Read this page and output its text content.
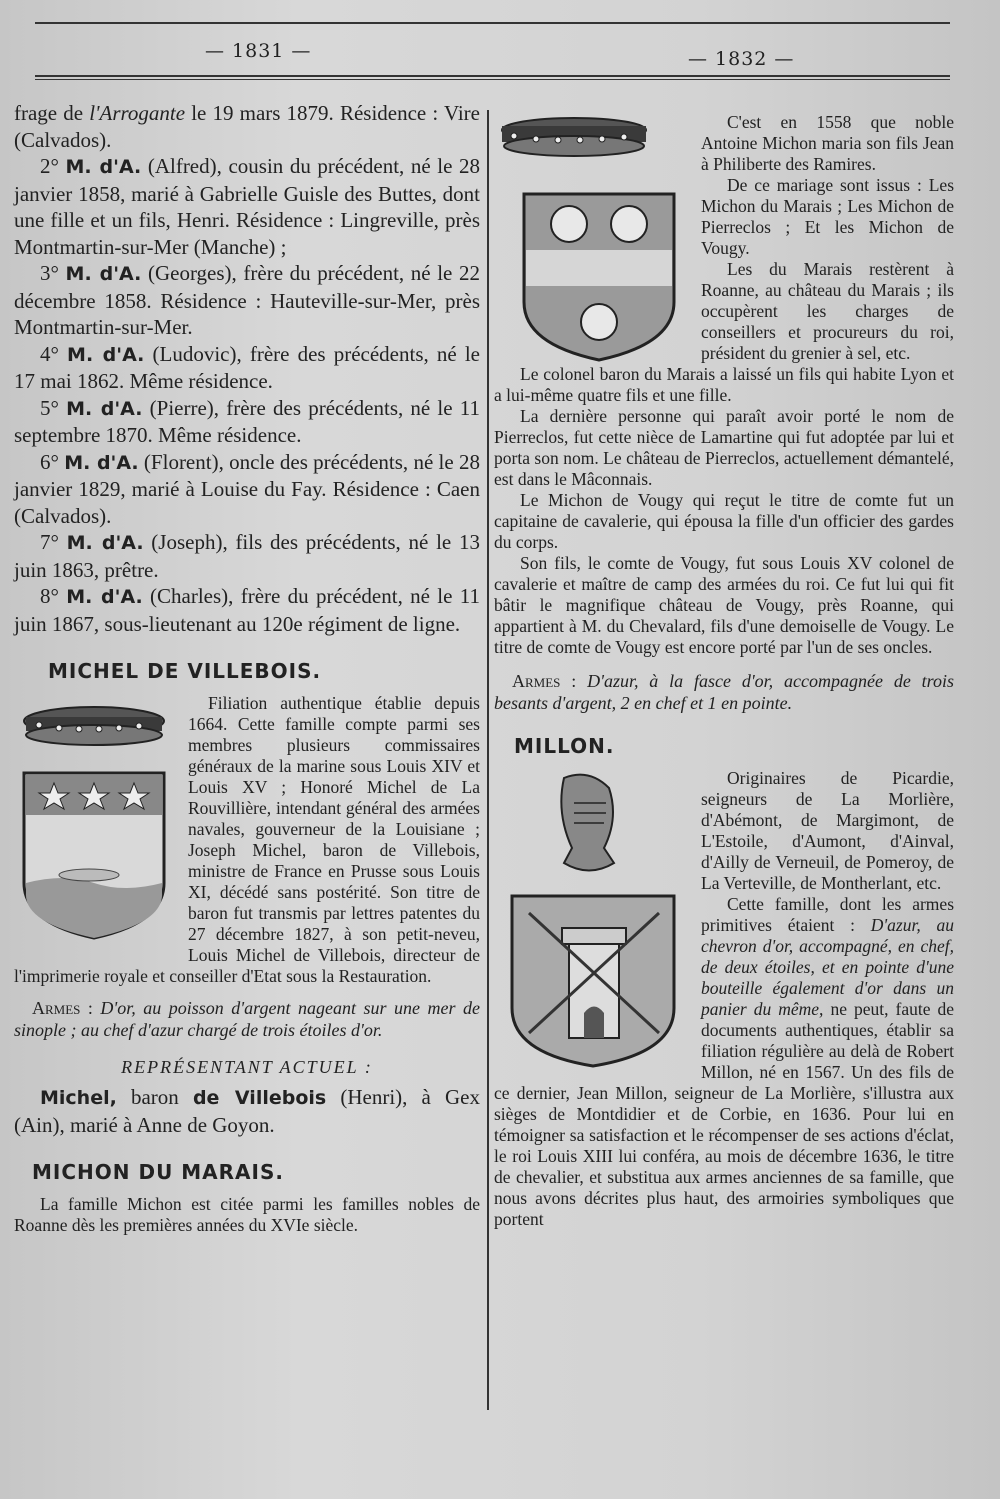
— 1831 —	— 1832 —

frage de l'Arrogante le 19 mars 1879. Résidence : Vire (Calvados).

2° M. d'A. (Alfred), cousin du précédent, né le 28 janvier 1858, marié à Gabrielle Guisle des Buttes, dont une fille et un fils, Henri. Résidence : Lingreville, près Montmartin-sur-Mer (Manche) ;

3° M. d'A. (Georges), frère du précédent, né le 22 décembre 1858. Résidence : Hauteville-sur-Mer, près Montmartin-sur-Mer.

4° M. d'A. (Ludovic), frère des précédents, né le 17 mai 1862. Même résidence.

5° M. d'A. (Pierre), frère des précédents, né le 11 septembre 1870. Même résidence.

6° M. d'A. (Florent), oncle des précédents, né le 28 janvier 1829, marié à Louise du Fay. Résidence : Caen (Calvados).

7° M. d'A. (Joseph), fils des précédents, né le 13 juin 1863, prêtre.

8° M. d'A. (Charles), frère du précédent, né le 11 juin 1867, sous-lieutenant au 120e régiment de ligne.

MICHEL DE VILLEBOIS.

Filiation authentique établie depuis 1664. Cette famille compte parmi ses membres plusieurs commissaires généraux de la marine sous Louis XIV et Louis XV ; Honoré Michel de La Rouvillière, intendant général des armées navales, gouverneur de la Louisiane ; Joseph Michel, baron de Villebois, ministre de France en Prusse sous Louis XI, décédé sans postérité. Son titre de baron fut transmis par lettres patentes du 27 décembre 1827, à son petit-neveu, Louis Michel de Villebois, directeur de l'imprimerie royale et conseiller d'Etat sous la Restauration.

Armes : D'or, au poisson d'argent nageant sur une mer de sinople ; au chef d'azur chargé de trois étoiles d'or.

REPRÉSENTANT ACTUEL :

Michel, baron de Villebois (Henri), à Gex (Ain), marié à Anne de Goyon.

MICHON DU MARAIS.

La famille Michon est citée parmi les familles nobles de Roanne dès les premières années du XVIe siècle.

C'est en 1558 que noble Antoine Michon maria son fils Jean à Philiberte des Ramires.

De ce mariage sont issus : Les Michon du Marais ; Les Michon de Pierreclos ; Et les Michon de Vougy.

Les du Marais restèrent à Roanne, au château du Marais ; ils occupèrent les charges de conseillers et procureurs du roi, président du grenier à sel, etc.

Le colonel baron du Marais a laissé un fils qui habite Lyon et a lui-même quatre fils et une fille.

La dernière personne qui paraît avoir porté le nom de Pierreclos, fut cette nièce de Lamartine qui fut adoptée par lui et porta son nom. Le château de Pierreclos, actuellement démantelé, est dans le Mâconnais.

Le Michon de Vougy qui reçut le titre de comte fut un capitaine de cavalerie, qui épousa la fille d'un officier des gardes du corps.

Son fils, le comte de Vougy, fut sous Louis XV colonel de cavalerie et maître de camp des armées du roi. Ce fut lui qui fit bâtir le magnifique château de Vougy, près Roanne, qui appartient à M. du Chevalard, fils d'une demoiselle de Vougy. Le titre de comte de Vougy est encore porté par l'un de ses oncles.

Armes : D'azur, à la fasce d'or, accompagnée de trois besants d'argent, 2 en chef et 1 en pointe.

MILLON.

Originaires de Picardie, seigneurs de La Morlière, d'Abémont, de Margimont, de L'Estoile, d'Aumont, d'Ainval, d'Ailly de Verneuil, de Pomeroy, de La Verteville, de Montherlant, etc.

Cette famille, dont les armes primitives étaient : D'azur, au chevron d'or, accompagné, en chef, de deux étoiles, et en pointe d'une bouteille également d'or dans un panier du même, ne peut, faute de documents authentiques, établir sa filiation régulière au delà de Robert Millon, né en 1567. Un des fils de ce dernier, Jean Millon, seigneur de La Morlière, s'illustra aux sièges de Montdidier et de Corbie, en 1636. Pour lui en témoigner sa satisfaction et le récompenser de ses actions d'éclat, le roi Louis XIII lui conféra, au mois de décembre 1636, le titre de chevalier, et substitua aux armes anciennes de sa famille, que nous avons décrites plus haut, des armoiries symboliques que portent
